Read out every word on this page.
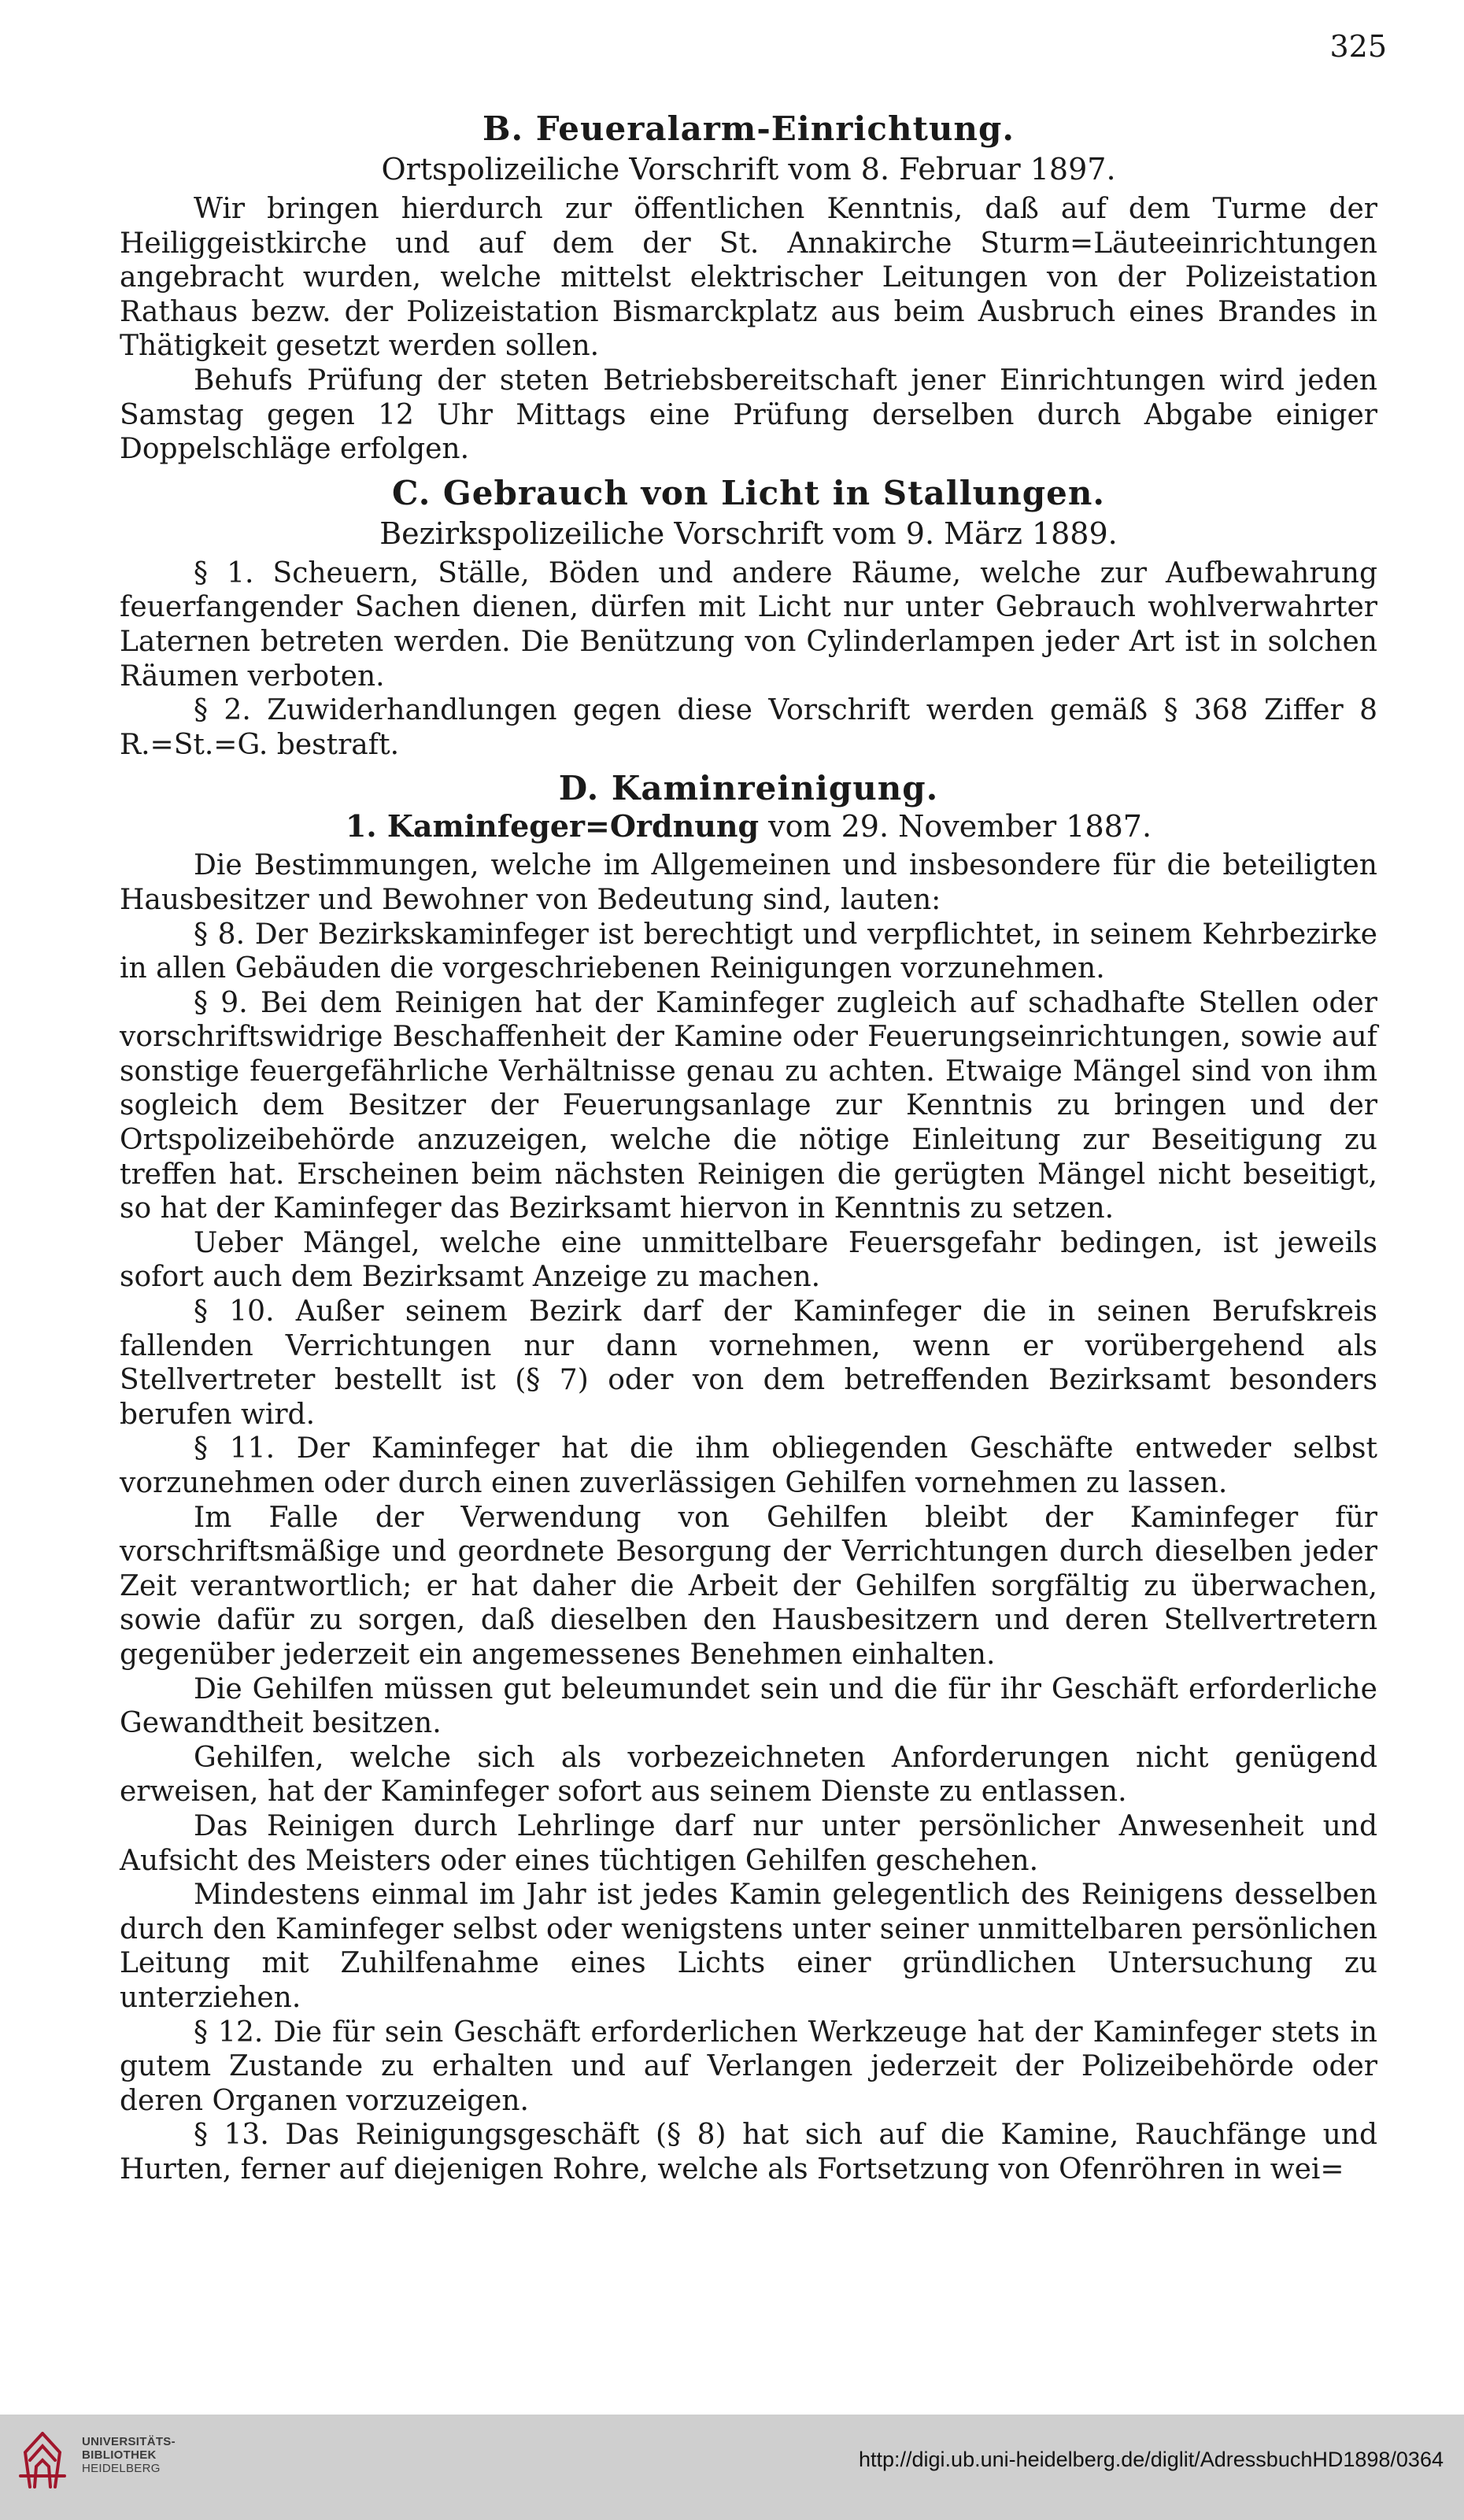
325
B. Feueralarm-Einrichtung.
Ortspolizeiliche Vorschrift vom 8. Februar 1897.

Wir bringen hierdurch zur öffentlichen Kenntnis, daß auf dem Turme der Heiliggeistkirche und auf dem der St. Annakirche Sturm=Läuteeinrichtungen angebracht wurden, welche mittelst elektrischer Leitungen von der Polizeistation Rathaus bezw. der Polizeistation Bismarckplatz aus beim Ausbruch eines Brandes in Thätigkeit gesetzt werden sollen.

Behufs Prüfung der steten Betriebsbereitschaft jener Einrichtungen wird jeden Samstag gegen 12 Uhr Mittags eine Prüfung derselben durch Abgabe einiger Doppelschläge erfolgen.

C. Gebrauch von Licht in Stallungen.
Bezirkspolizeiliche Vorschrift vom 9. März 1889.

§ 1. Scheuern, Ställe, Böden und andere Räume, welche zur Aufbewahrung feuerfangender Sachen dienen, dürfen mit Licht nur unter Gebrauch wohlverwahrter Laternen betreten werden. Die Benützung von Cylinderlampen jeder Art ist in solchen Räumen verboten.

§ 2. Zuwiderhandlungen gegen diese Vorschrift werden gemäß § 368 Ziffer 8 R.=St.=G. bestraft.

D. Kaminreinigung.
1. Kaminfeger=Ordnung vom 29. November 1887.

Die Bestimmungen, welche im Allgemeinen und insbesondere für die beteiligten Hausbesitzer und Bewohner von Bedeutung sind, lauten:

§ 8. Der Bezirkskaminfeger ist berechtigt und verpflichtet, in seinem Kehrbezirke in allen Gebäuden die vorgeschriebenen Reinigungen vorzunehmen.

§ 9. Bei dem Reinigen hat der Kaminfeger zugleich auf schadhafte Stellen oder vorschriftswidrige Beschaffenheit der Kamine oder Feuerungseinrichtungen, sowie auf sonstige feuergefährliche Verhältnisse genau zu achten. Etwaige Mängel sind von ihm sogleich dem Besitzer der Feuerungsanlage zur Kenntnis zu bringen und der Ortspolizeibehörde anzuzeigen, welche die nötige Einleitung zur Beseitigung zu treffen hat. Erscheinen beim nächsten Reinigen die gerügten Mängel nicht beseitigt, so hat der Kaminfeger das Bezirksamt hiervon in Kenntnis zu setzen.

Ueber Mängel, welche eine unmittelbare Feuersgefahr bedingen, ist jeweils sofort auch dem Bezirksamt Anzeige zu machen.

§ 10. Außer seinem Bezirk darf der Kaminfeger die in seinen Berufskreis fallenden Verrichtungen nur dann vornehmen, wenn er vorübergehend als Stellvertreter bestellt ist (§ 7) oder von dem betreffenden Bezirksamt besonders berufen wird.

§ 11. Der Kaminfeger hat die ihm obliegenden Geschäfte entweder selbst vorzunehmen oder durch einen zuverlässigen Gehilfen vornehmen zu lassen.

Im Falle der Verwendung von Gehilfen bleibt der Kaminfeger für vorschriftsmäßige und geordnete Besorgung der Verrichtungen durch dieselben jeder Zeit verantwortlich; er hat daher die Arbeit der Gehilfen sorgfältig zu überwachen, sowie dafür zu sorgen, daß dieselben den Hausbesitzern und deren Stellvertretern gegenüber jederzeit ein angemessenes Benehmen einhalten.

Die Gehilfen müssen gut beleumundet sein und die für ihr Geschäft erforderliche Gewandtheit besitzen.

Gehilfen, welche sich als vorbezeichneten Anforderungen nicht genügend erweisen, hat der Kaminfeger sofort aus seinem Dienste zu entlassen.

Das Reinigen durch Lehrlinge darf nur unter persönlicher Anwesenheit und Aufsicht des Meisters oder eines tüchtigen Gehilfen geschehen.

Mindestens einmal im Jahr ist jedes Kamin gelegentlich des Reinigens desselben durch den Kaminfeger selbst oder wenigstens unter seiner unmittelbaren persönlichen Leitung mit Zuhilfenahme eines Lichts einer gründlichen Untersuchung zu unterziehen.

§ 12. Die für sein Geschäft erforderlichen Werkzeuge hat der Kaminfeger stets in gutem Zustande zu erhalten und auf Verlangen jederzeit der Polizeibehörde oder deren Organen vorzuzeigen.

§ 13. Das Reinigungsgeschäft (§ 8) hat sich auf die Kamine, Rauchfänge und Hurten, ferner auf diejenigen Rohre, welche als Fortsetzung von Ofenröhren in wei=

UNIVERSITÄTS-
BIBLIOTHEK
HEIDELBERG	http://digi.ub.uni-heidelberg.de/diglit/AdressbuchHD1898/0364
